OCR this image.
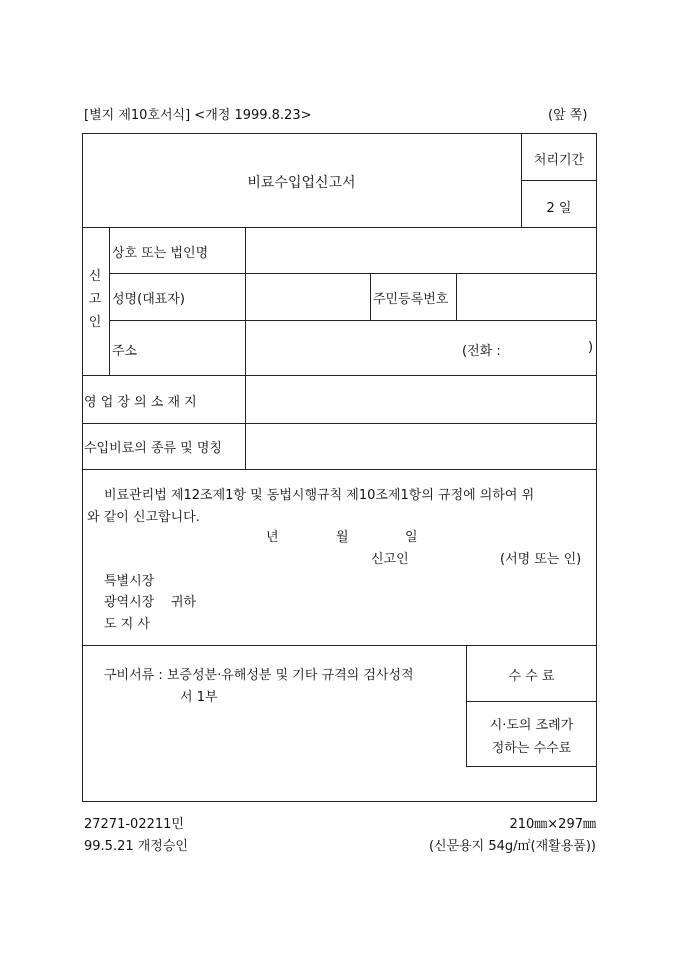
[별지 제10호서식] <개정 1999.8.23>	(앞 쪽)
비료수입업신고서
처리기간
2 일
신
고
인
상호 또는 법인명
성명(대표자)	주민등록번호
주소	(전화 :	)
영 업 장 의 소 재 지
수입비료의 종류 및 명칭
비료관리법 제12조제1항 및 동법시행규칙 제10조제1항의 규정에 의하여 위
와 같이 신고합니다.
년	월	일
신고인	(서명 또는 인)
특별시장
광역시장 귀하
도 지 사
구비서류 : 보증성분·유해성분 및 기타 규격의 검사성적
서 1부
수 수 료
시·도의 조례가
정하는 수수료
27271-02211민
99.5.21 개정승인
210㎜×297㎜
(신문용지 54g/㎡(재활용품))
